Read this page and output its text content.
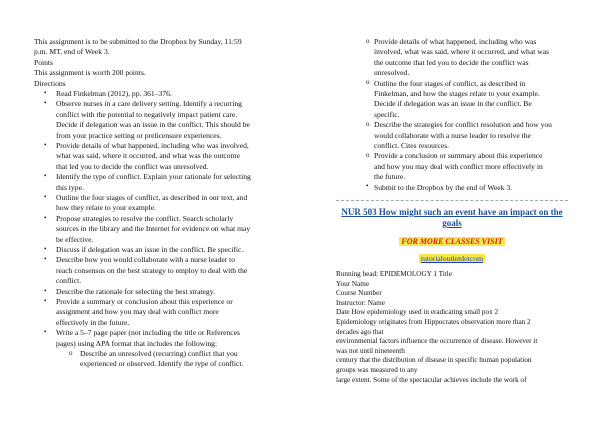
This assignment is to be submitted to the Dropbox by Sunday, 11:59
p.m. MT, end of Week 3.
Points
This assignment is worth 200 points.
Directions
• Read Finkelman (2012), pp. 361–376.
• Observe nurses in a care delivery setting. Identify a recurring
conflict with the potential to negatively impact patient care.
Decide if delegation was an issue in the conflict. This should be
from your practice setting or prelicensure experiences.
• Provide details of what happened, including who was involved,
what was said, where it occurred, and what was the outcome
that led you to decide the conflict was unresolved.
• Identify the type of conflict. Explain your rationale for selecting
this type.
• Outline the four stages of conflict, as described in our text, and
how they relate to your example.
• Propose strategies to resolve the conflict. Search scholarly
sources in the library and the Internet for evidence on what may
be effective.
• Discuss if delegation was an issue in the conflict. Be specific.
• Describe how you would collaborate with a nurse leader to
reach consensus on the best strategy to employ to deal with the
conflict.
• Describe the rationale for selecting the best strategy.
• Provide a summary or conclusion about this experience or
assignment and how you may deal with conflict more
effectively in the future.
• Write a 5–7 page paper (not including the title or References
pages) using APA format that includes the following:
o Describe an unresolved (recurring) conflict that you
experienced or observed. Identify the type of conflict.
o Provide details of what happened, including who was
involved, what was said, where it occurred, and what was
the outcome that led you to decide the conflict was
unresolved.
o Outline the four stages of conflict, as described in
Finkelman, and how the stages relate to your example.
Decide if delegation was an issue in the conflict. Be
specific.
o Describe the strategies for conflict resolution and how you
would collaborate with a nurse leader to resolve the
conflict. Cites resources.
o Provide a conclusion or summary about this experience
and how you may deal with conflict more effectively in
the future.
• Submit to the Dropbox by the end of Week 3.
NUR 503 How might such an event have an impact on the
goals
FOR MORE CLASSES VISIT
tutorialoutletdotcom
Running head: EPIDEMOLOGY 1 Title
Your Name
Course Number
Instructor: Name
Date How epidemiology used in eradicating small pox 2
Epidemiology originates from Hippocrates observation more than 2
decades ago that
environmental factors influence the occurrence of disease. However it
was not until nineteenth
century that the distribution of disease in specific human population
groups was measured to any
large extent. Some of the spectacular achieves include the work of
